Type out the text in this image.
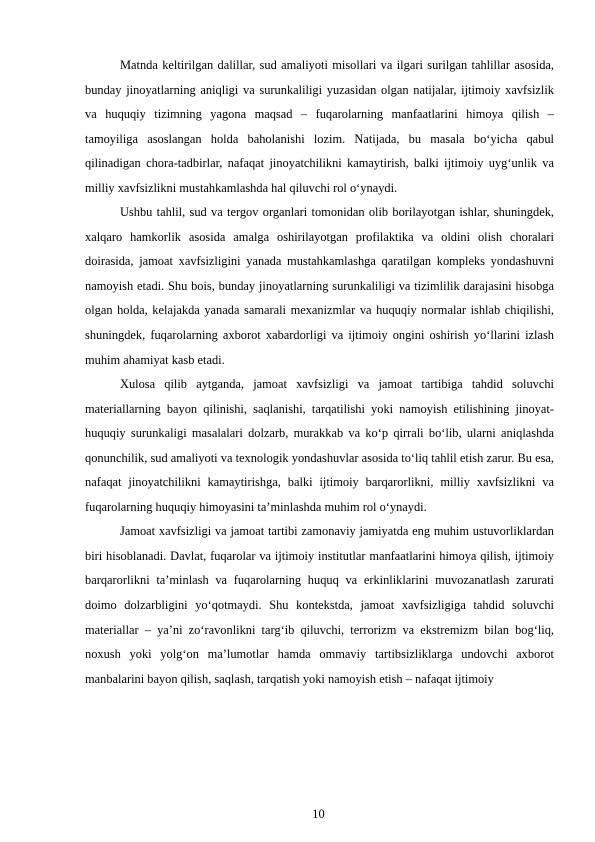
Matnda keltirilgan dalillar, sud amaliyoti misollari va ilgari surilgan tahlillar asosida, bunday jinoyatlarning aniqligi va surunkaliligi yuzasidan olgan natijalar, ijtimoiy xavfsizlik va huquqiy tizimning yagona maqsad – fuqarolarning manfaatlarini himoya qilish – tamoyiliga asoslangan holda baholanishi lozim. Natijada, bu masala bo‘yicha qabul qilinadigan chora-tadbirlar, nafaqat jinoyatchilikni kamaytirish, balki ijtimoiy uyg‘unlik va milliy xavfsizlikni mustahkamlashda hal qiluvchi rol o‘ynaydi.

Ushbu tahlil, sud va tergov organlari tomonidan olib borilayotgan ishlar, shuningdek, xalqaro hamkorlik asosida amalga oshirilayotgan profilaktika va oldini olish choralari doirasida, jamoat xavfsizligini yanada mustahkamlashga qaratilgan kompleks yondashuvni namoyish etadi. Shu bois, bunday jinoyatlarning surunkaliligi va tizimlilik darajasini hisobga olgan holda, kelajakda yanada samarali mexanizmlar va huquqiy normalar ishlab chiqilishi, shuningdek, fuqarolarning axborot xabardorligi va ijtimoiy ongini oshirish yo‘llarini izlash muhim ahamiyat kasb etadi.

Xulosa qilib aytganda, jamoat xavfsizligi va jamoat tartibiga tahdid soluvchi materiallarning bayon qilinishi, saqlanishi, tarqatilishi yoki namoyish etilishining jinoyat-huquqiy surunkaligi masalalari dolzarb, murakkab va ko‘p qirrali bo‘lib, ularni aniqlashda qonunchilik, sud amaliyoti va texnologik yondashuvlar asosida to‘liq tahlil etish zarur. Bu esa, nafaqat jinoyatchilikni kamaytirishga, balki ijtimoiy barqarorlikni, milliy xavfsizlikni va fuqarolarning huquqiy himoyasini ta’minlashda muhim rol o‘ynaydi.

Jamoat xavfsizligi va jamoat tartibi zamonaviy jamiyatda eng muhim ustuvorliklardan biri hisoblanadi. Davlat, fuqarolar va ijtimoiy institutlar manfaatlarini himoya qilish, ijtimoiy barqarorlikni ta’minlash va fuqarolarning huquq va erkinliklarini muvozanatlash zarurati doimo dolzarbligini yo‘qotmaydi. Shu kontekstda, jamoat xavfsizligiga tahdid soluvchi materiallar – ya’ni zo‘ravonlikni targ‘ib qiluvchi, terrorizm va ekstremizm bilan bog‘liq, noxush yoki yolg‘on ma’lumotlar hamda ommaviy tartibsizliklarga undovchi axborot manbalarini bayon qilish, saqlash, tarqatish yoki namoyish etish – nafaqat ijtimoiy

10
